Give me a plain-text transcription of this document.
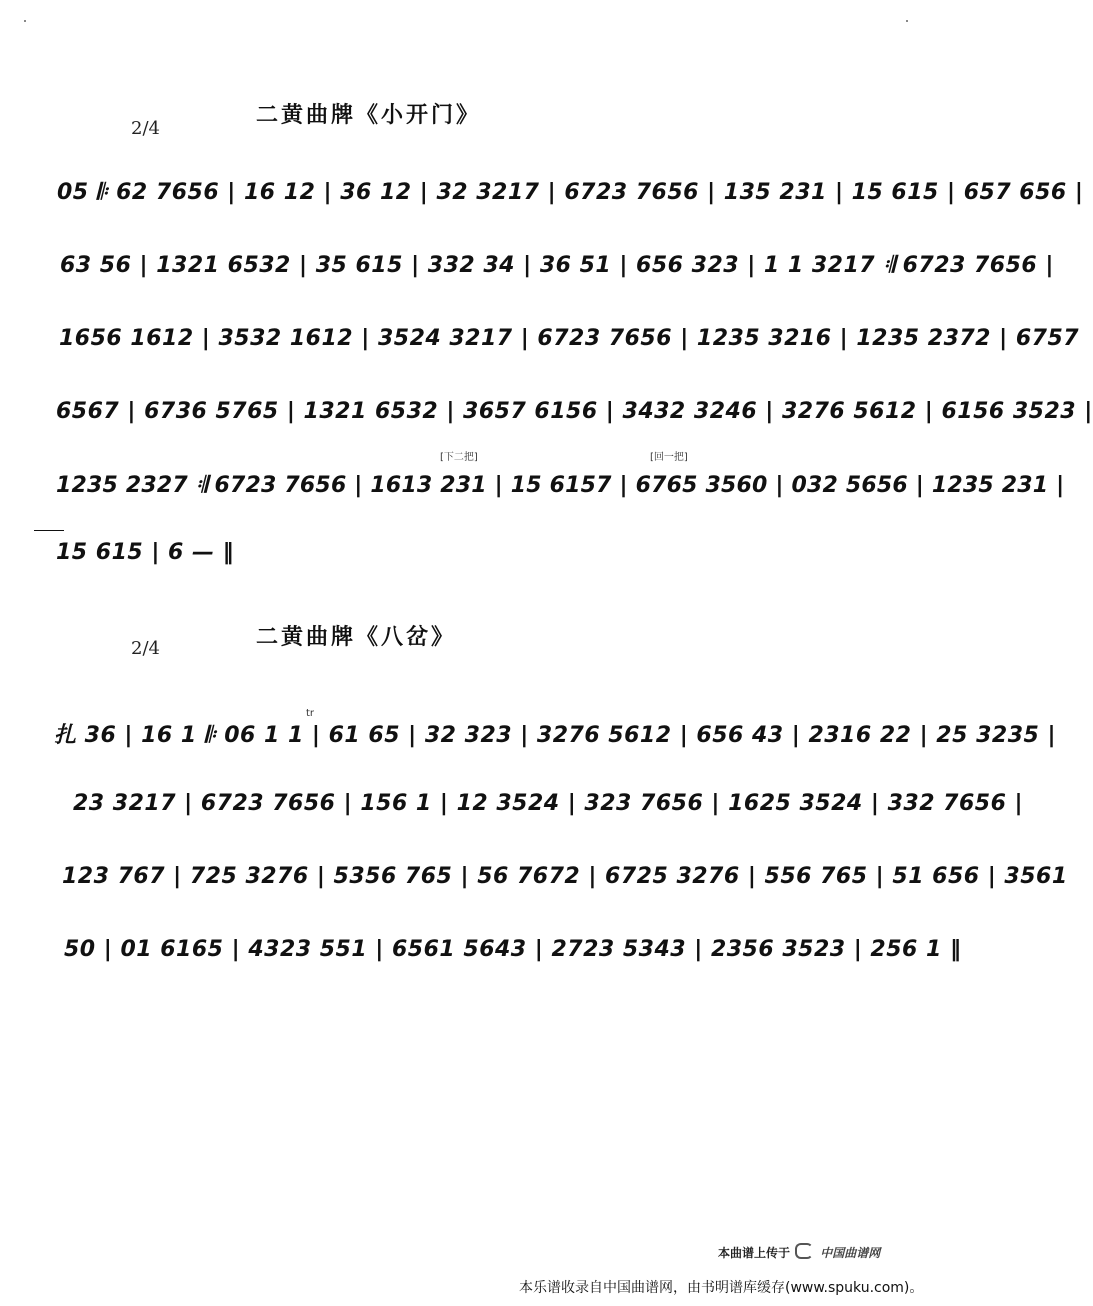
2/4
二黄曲牌《小开门》
05 𝄆 62 7656 | 16 12 | 36 12 | 32 3217 | 6723 7656 | 135 231 | 15 615 | 657 656 |
63 56 | 1321 6532 | 35 615 | 332 34 | 36 51 | 656 323 | 1 1 3217 𝄇 6723 7656 |
1656 1612 | 3532 1612 | 3524 3217 | 6723 7656 | 1235 3216 | 1235 2372 | 6757
6567 | 6736 5765 | 1321 6532 | 3657 6156 | 3432 3246 | 3276 5612 | 6156 3523 |
[下二把]	[回一把]
1235 2327 𝄇 6723 7656 | 1613 231 | 15 6157 | 6765 3560 | 032 5656 | 1235 231 |
15 615 | 6 — ‖
2/4	二黄曲牌《八岔》
tr
扎 36 | 16 1 𝄆 06 1 1 | 61 65 | 32 323 | 3276 5612 | 656 43 | 2316 22 | 25 3235 |
23 3217 | 6723 7656 | 156 1 | 12 3524 | 323 7656 | 1625 3524 | 332 7656 |
123 767 | 725 3276 | 5356 765 | 56 7672 | 6725 3276 | 556 765 | 51 656 | 3561
50 | 01 6165 | 4323 551 | 6561 5643 | 2723 5343 | 2356 3523 | 256 1 ‖
本曲谱上传于	中国曲谱网
本乐谱收录自中国曲谱网，由书明谱库缓存(www.spuku.com)。
